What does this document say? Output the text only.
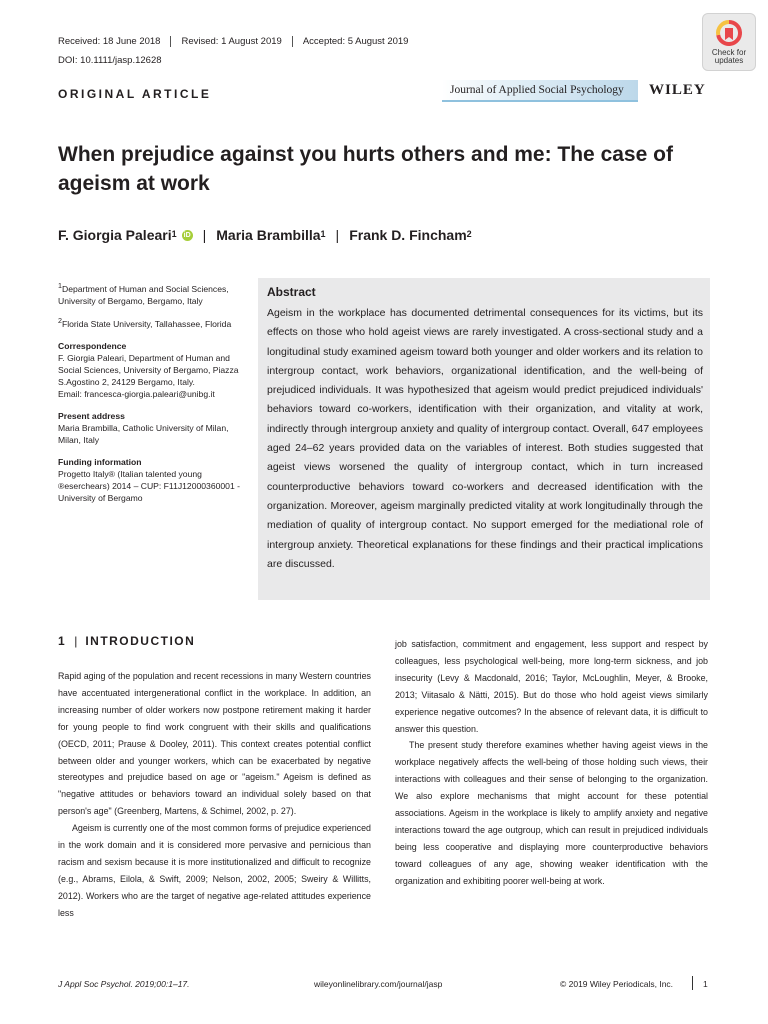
Received: 18 June 2018 Revised: 1 August 2019 Accepted: 5 August 2019
DOI: 10.1111/jasp.12628
ORIGINAL ARTICLE	Journal of Applied Social Psychology WILEY
Check for
updates
When prejudice against you hurts others and me: The case of ageism at work
F. Giorgia Paleari$^1$ iD | Maria Brambilla$^1$ | Frank D. Fincham$^2$

$^1$Department of Human and Social Sciences, University of Bergamo, Bergamo, Italy

$^2$Florida State University, Tallahassee, Florida

Correspondence

F. Giorgia Paleari, Department of Human and Social Sciences, University of Bergamo, Piazza S.Agostino 2, 24129 Bergamo, Italy.

Email: francesca-giorgia.paleari@unibg.it

Present address

Maria Brambilla, Catholic University of Milan, Milan, Italy

Funding information

Progetto Italy® (Italian talented young ®eserchears) 2014 – CUP: F11J12000360001 - University of Bergamo

Abstract
Ageism in the workplace has documented detrimental consequences for its victims, but its effects on those who hold ageist views are rarely investigated. A cross-sectional study and a longitudinal study examined ageism toward both younger and older workers and its relation to intergroup contact, work behaviors, organizational identification, and the well-being of prejudiced individuals. It was hypothesized that ageism would predict prejudiced individuals' behaviors toward co-workers, identification with their organization, and vitality at work, indirectly through intergroup anxiety and quality of intergroup contact. Overall, 647 employees aged 24–62 years provided data on the variables of interest. Both studies suggested that ageist views worsened the quality of intergroup contact, which in turn increased counterproductive behaviors toward co-workers and decreased identification with the organization. Moreover, ageism marginally predicted vitality at work longitudinally through the mediation of quality of intergroup contact. No support emerged for the mediational role of intergroup anxiety. Theoretical explanations for these findings and their practical implications are discussed.
1 | INTRODUCTION

Rapid aging of the population and recent recessions in many Western countries have accentuated intergenerational conflict in the workplace. In addition, an increasing number of older workers now postpone retirement making it harder for young people to find work congruent with their skills and qualifications (OECD, 2011; Prause & Dooley, 2011). This context creates potential conflict between older and younger workers, which can be exacerbated by negative stereotypes and prejudice based on age or "ageism." Ageism is defined as "negative attitudes or behaviors toward an individual solely based on that person's age" (Greenberg, Martens, & Schimel, 2002, p. 27).

Ageism is currently one of the most common forms of prejudice experienced in the work domain and it is considered more pervasive and pernicious than racism and sexism because it is more institutionalized and difficult to recognize (e.g., Abrams, Eilola, & Swift, 2009; Nelson, 2002, 2005; Sweiry & Willitts, 2012). Workers who are the target of negative age-related attitudes experience less

job satisfaction, commitment and engagement, less support and respect by colleagues, less psychological well-being, more long-term sickness, and job insecurity (Levy & Macdonald, 2016; Taylor, McLoughlin, Meyer, & Brooke, 2013; Viitasalo & Nätti, 2015). But do those who hold ageist views similarly experience negative outcomes? In the absence of relevant data, it is difficult to answer this question.

The present study therefore examines whether having ageist views in the workplace negatively affects the well-being of those holding such views, their interactions with colleagues and their sense of belonging to the organization. We also explore mechanisms that might account for these potential associations. Ageism in the workplace is likely to amplify anxiety and negative interactions toward the age outgroup, which can result in prejudiced individuals being less cooperative and displaying more counterproductive behaviors toward colleagues of any age, showing weaker identification with the organization and exhibiting poorer well-being at work.

J Appl Soc Psychol. 2019;00:1–17.	wileyonlinelibrary.com/journal/jasp	© 2019 Wiley Periodicals, Inc.	1
